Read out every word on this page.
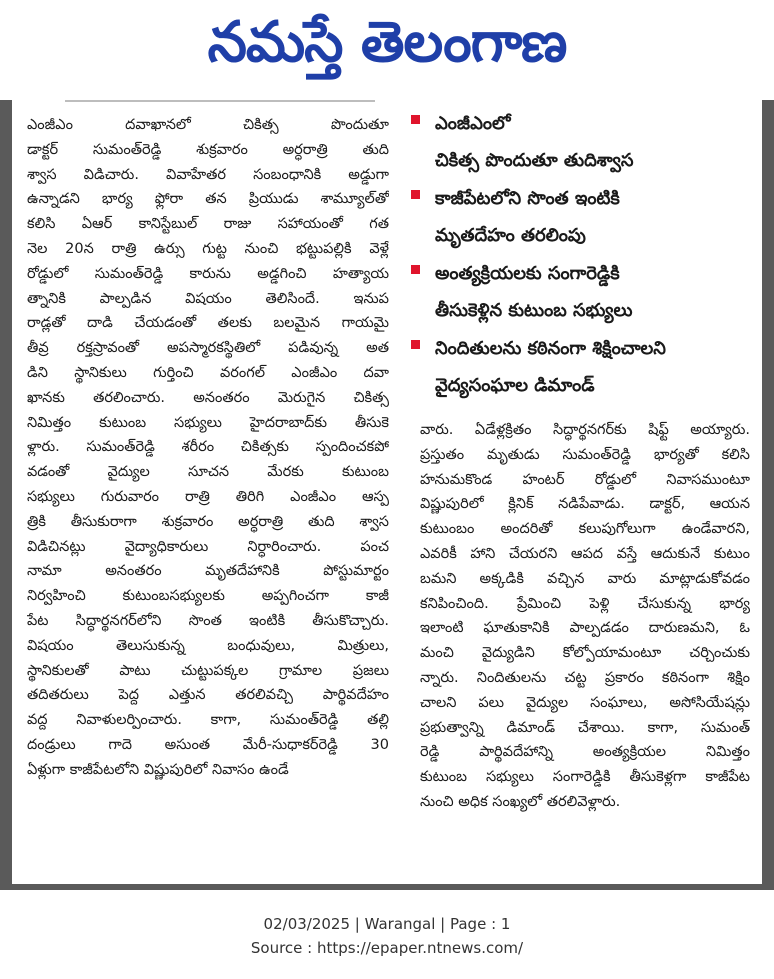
నమస్తే తెలంగాణ
ఎంజీఎం దవాఖానలో చికిత్స పొందుతూ
డాక్టర్ సుమంత్‌రెడ్డి శుక్రవారం అర్ధరాత్రి తుది
శ్వాస విడిచారు. వివాహేతర సంబంధానికి అడ్డుగా
ఉన్నాడని భార్య ఫ్లోరా తన ప్రియుడు శామ్యూల్‌తో
కలిసి ఏఆర్ కానిస్టేబుల్ రాజు సహాయంతో గత
నెల 20న రాత్రి ఉర్సు గుట్ట నుంచి భట్టుపల్లికి వెళ్లే
రోడ్డులో సుమంత్‌రెడ్డి కారును అడ్డగించి హత్యాయ
త్నానికి పాల్పడిన విషయం తెలిసిందే. ఇనుప
రాడ్లతో దాడి చేయడంతో తలకు బలమైన గాయమై
తీవ్ర రక్తస్రావంతో అపస్మారకస్థితిలో పడివున్న అత
డిని స్థానికులు గుర్తించి వరంగల్ ఎంజీఎం దవా
ఖానకు తరలించారు. అనంతరం మెరుగైన చికిత్స
నిమిత్తం కుటుంబ సభ్యులు హైదరాబాద్‌కు తీసుకె
ళ్లారు. సుమంత్‌రెడ్డి శరీరం చికిత్సకు స్పందించకపో
వడంతో వైద్యుల సూచన మేరకు కుటుంబ
సభ్యులు గురువారం రాత్రి తిరిగి ఎంజీఎం ఆస్ప
త్రికి తీసుకురాగా శుక్రవారం అర్ధరాత్రి తుది శ్వాస
విడిచినట్లు వైద్యాధికారులు నిర్ధారించారు. పంచ
నామా అనంతరం మృతదేహానికి పోస్టుమార్టం
నిర్వహించి కుటుంబసభ్యులకు అప్పగించగా కాజీ
పేట సిద్ధార్థనగర్‌లోని సొంత ఇంటికి తీసుకొచ్చారు.
విషయం తెలుసుకున్న బంధువులు, మిత్రులు,
స్థానికులతో పాటు చుట్టుపక్కల గ్రామాల ప్రజలు
తదితరులు పెద్ద ఎత్తున తరలివచ్చి పార్థివదేహం
వద్ద నివాళులర్పించారు. కాగా, సుమంత్‌రెడ్డి తల్లి
దండ్రులు గాదె అసుంత మేరీ-సుధాకర్‌రెడ్డి 30
ఏళ్లుగా కాజీపేటలోని విష్ణుపురిలో నివాసం ఉండే
ఎంజీఎంలో
చికిత్స పొందుతూ తుదిశ్వాస
కాజీపేటలోని సొంత ఇంటికి
మృతదేహం తరలింపు
అంత్యక్రియలకు సంగారెడ్డికి
తీసుకెళ్లిన కుటుంబ సభ్యులు
నిందితులను కఠినంగా శిక్షించాలని
వైద్యసంఘాల డిమాండ్
వారు. ఏడేళ్లక్రితం సిద్ధార్థనగర్‌కు షిఫ్ట్ అయ్యారు.
ప్రస్తుతం మృతుడు సుమంత్‌రెడ్డి భార్యతో కలిసి
హనుమకొండ హంటర్ రోడ్డులో నివాసముంటూ
విష్ణుపురిలో క్లినిక్ నడిపేవాడు. డాక్టర్, ఆయన
కుటుంబం అందరితో కలుపుగోలుగా ఉండేవారని,
ఎవరికీ హాని చేయరని ఆపద వస్తే ఆదుకునే కుటుం
బమని అక్కడికి వచ్చిన వారు మాట్లాడుకోవడం
కనిపించింది. ప్రేమించి పెళ్లి చేసుకున్న భార్య
ఇలాంటి ఘాతుకానికి పాల్పడడం దారుణమని, ఓ
మంచి వైద్యుడిని కోల్పోయామంటూ చర్చించుకు
న్నారు. నిందితులను చట్ట ప్రకారం కఠినంగా శిక్షిం
చాలని పలు వైద్యుల సంఘాలు, అసోసియేషన్లు
ప్రభుత్వాన్ని డిమాండ్ చేశాయి. కాగా, సుమంత్
రెడ్డి పార్థివదేహాన్ని అంత్యక్రియల నిమిత్తం
కుటుంబ సభ్యులు సంగారెడ్డికి తీసుకెళ్లగా కాజీపేట
నుంచి అధిక సంఖ్యలో తరలివెళ్లారు.
02/03/2025 | Warangal | Page : 1
Source : https://epaper.ntnews.com/
